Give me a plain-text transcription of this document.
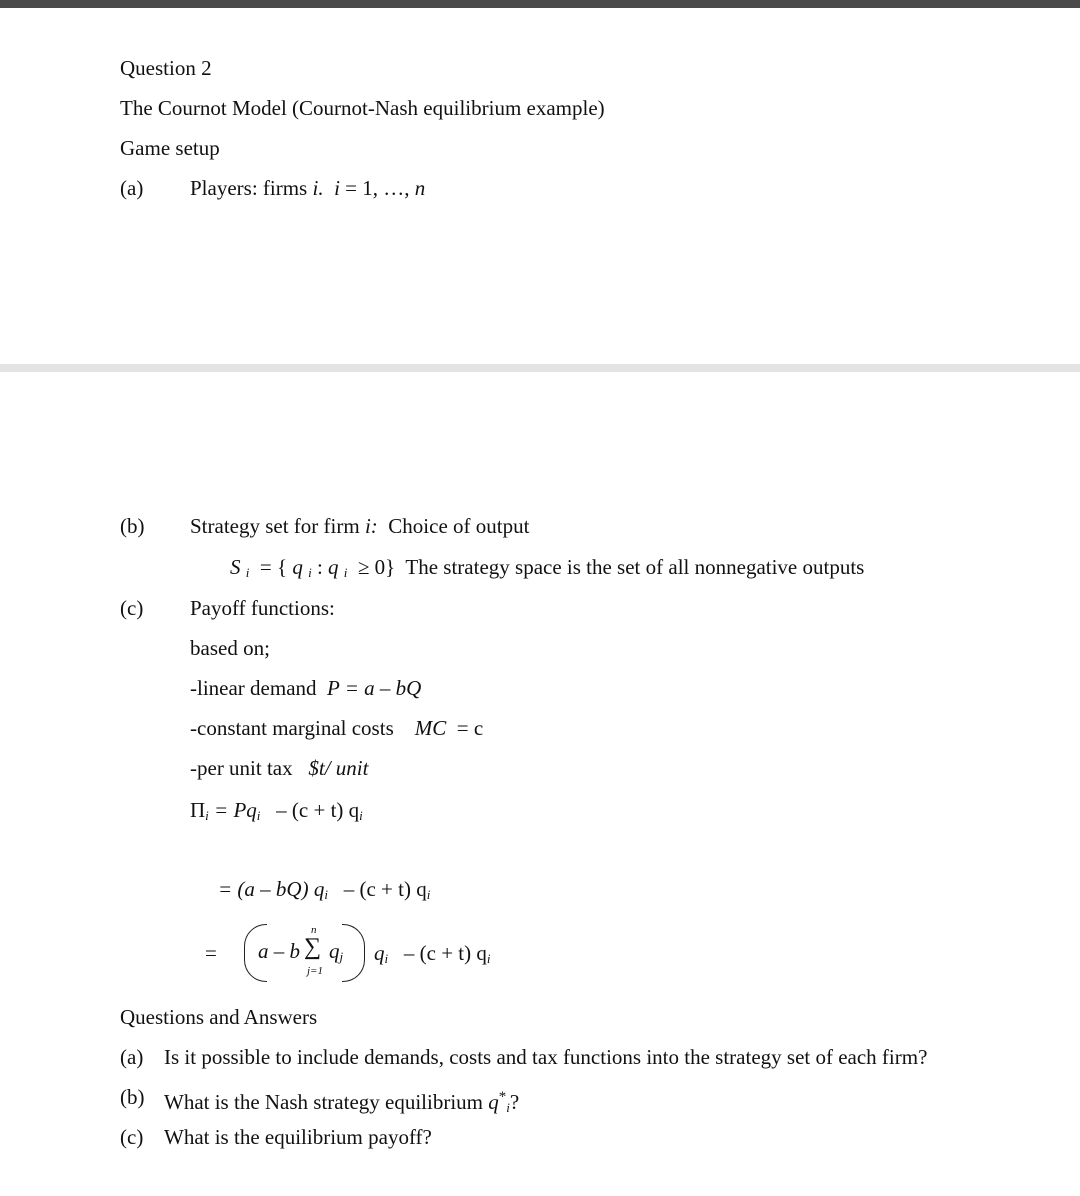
Question 2
The Cournot Model (Cournot-Nash equilibrium example)
Game setup
(a) Players: firms i. i = 1, …, n
(b) Strategy set for firm i: Choice of output
S $_i$ = { q $_i$ : q $_i$ ≥ 0} The strategy space is the set of all nonnegative outputs
(c) Payoff functions:
based on;
-linear demand P = a – bQ
-constant marginal costs MC = c
-per unit tax $t/ unit
$\Pi_i = Pq_i - (c + t)$ $q_i$
= (a – bQ) $q_i - (c + t)$ $q_i$
= a – b
n
∑ $q_j$
j=1
$q_i - (c + t)$ $q_i$
Questions and Answers
(a) Is it possible to include demands, costs and tax functions into the strategy set of each firm?
(b) What is the Nash strategy equilibrium $q^*_i$?
(c) What is the equilibrium payoff?
